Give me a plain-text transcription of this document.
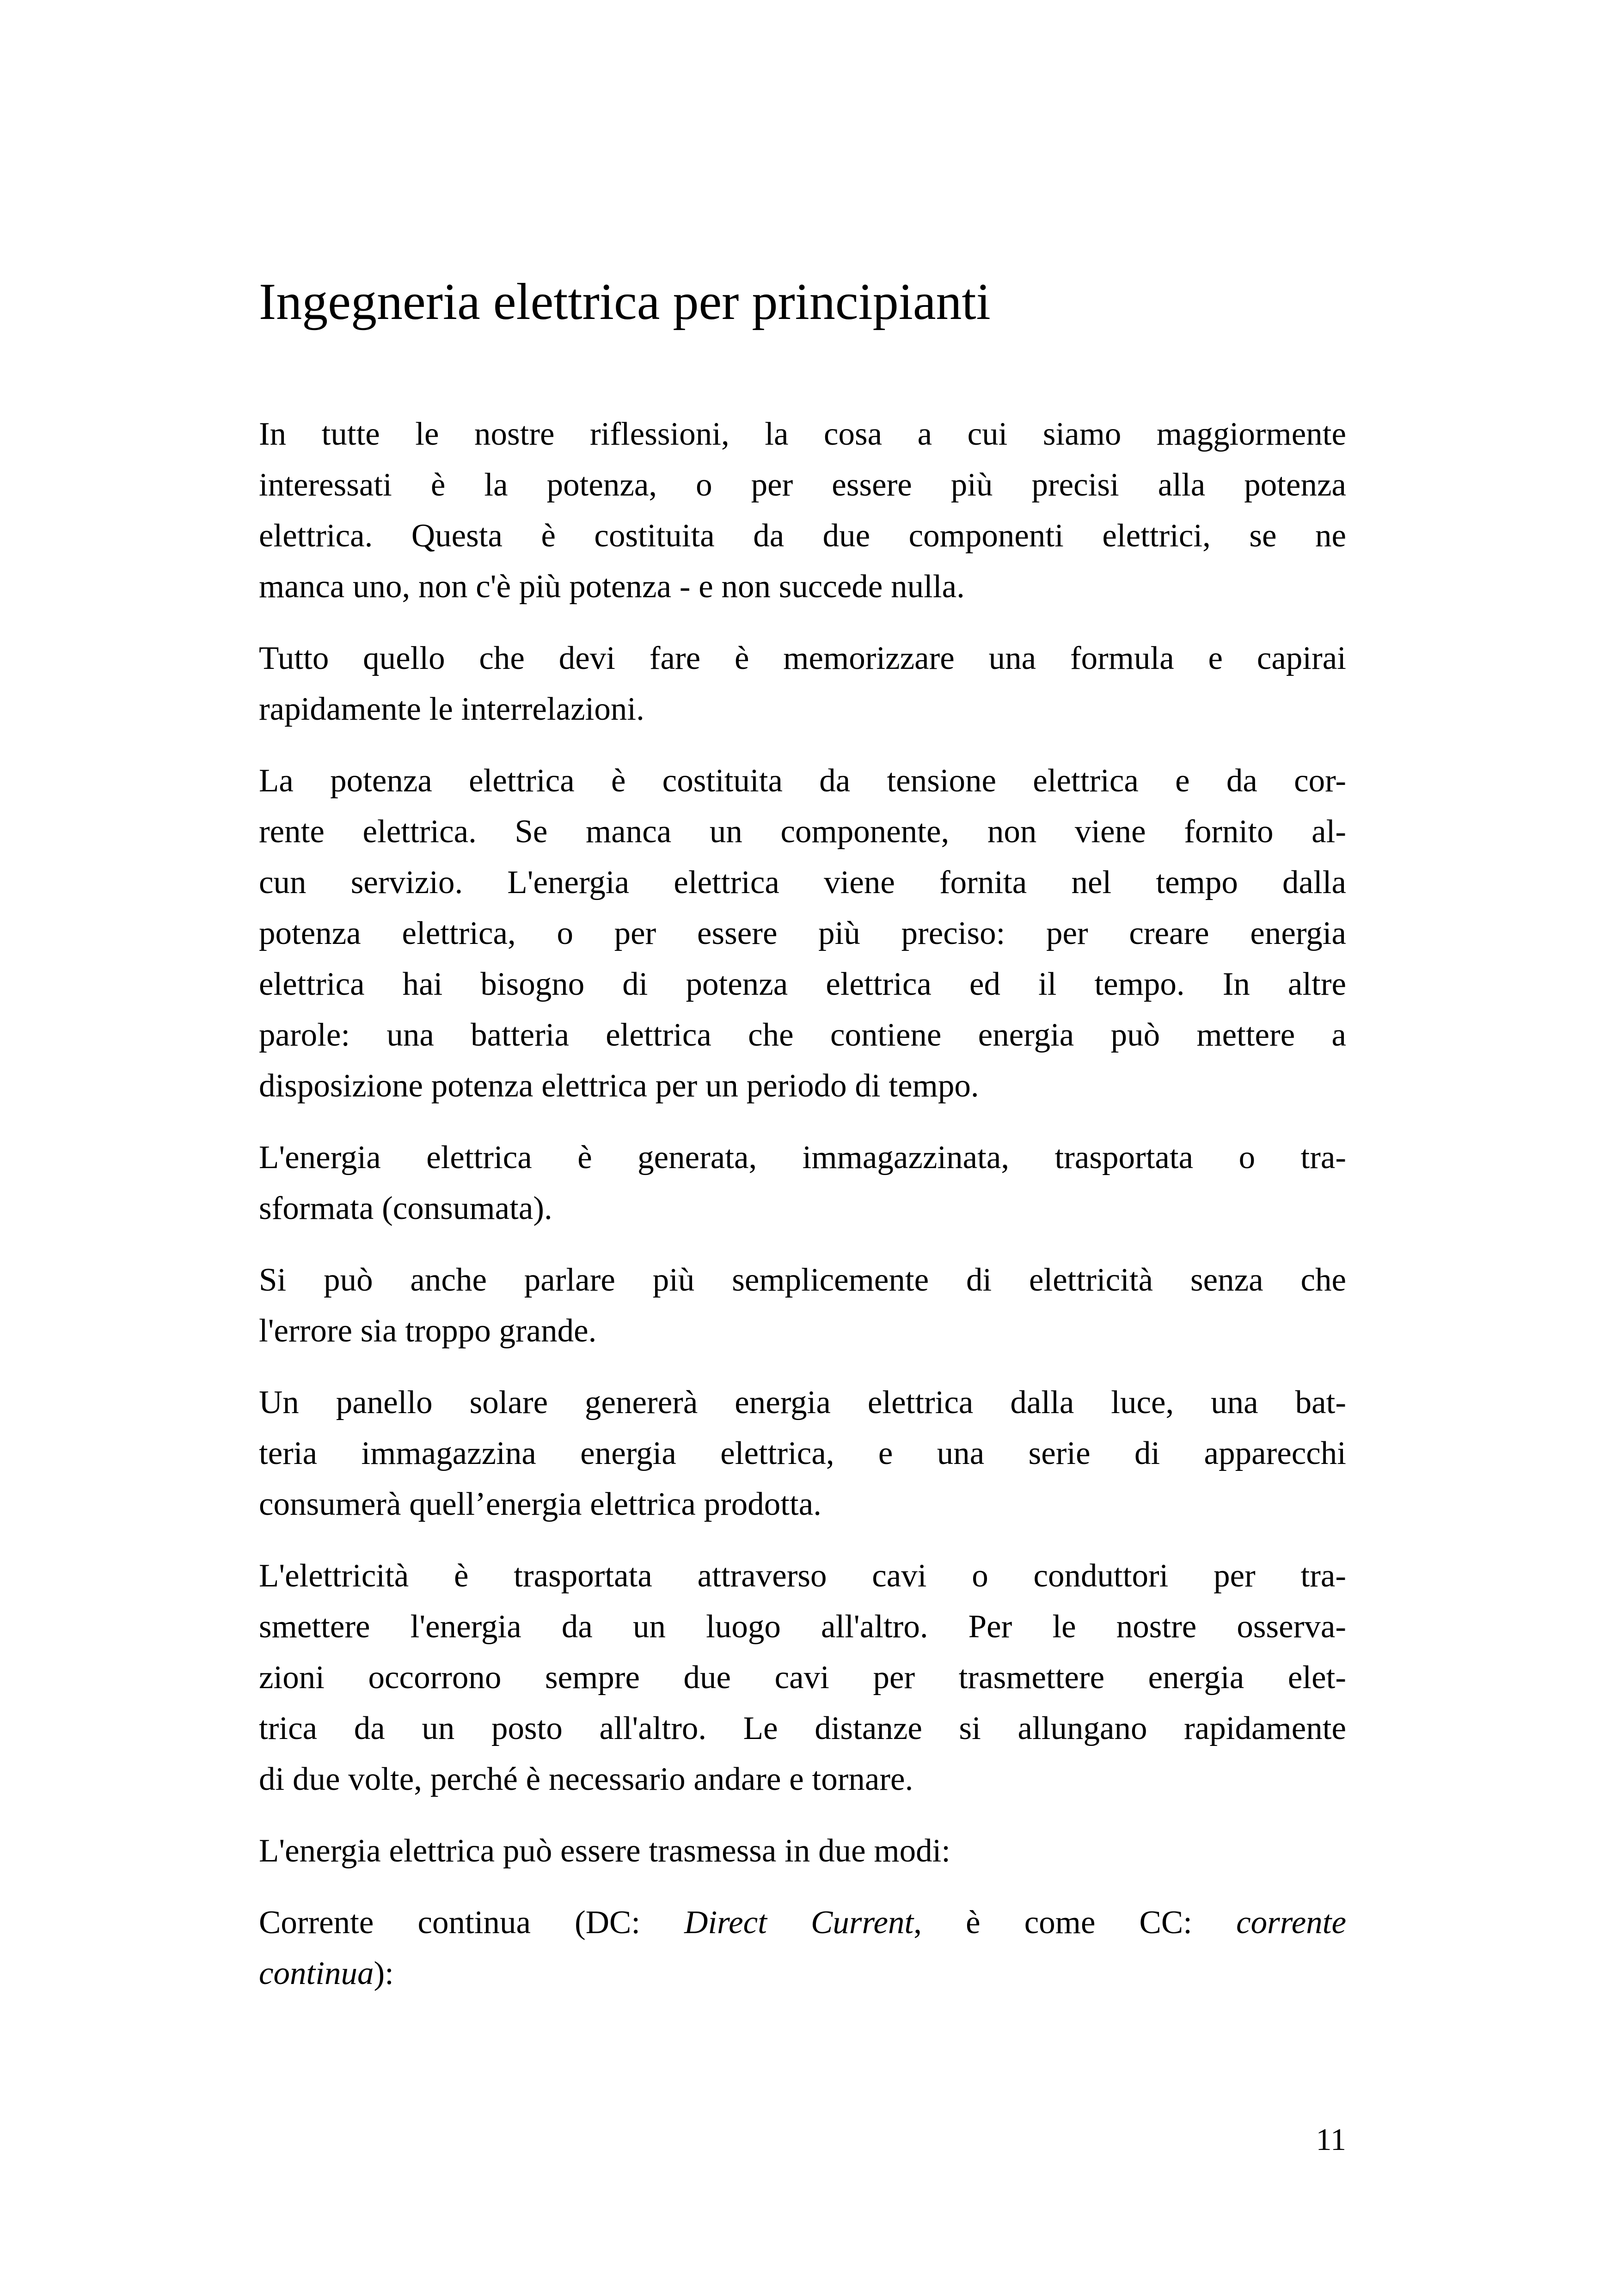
Ingegneria elettrica per principianti
In tutte le nostre riflessioni, la cosa a cui siamo maggiormente
interessati è la potenza, o per essere più precisi alla potenza
elettrica. Questa è costituita da due componenti elettrici, se ne
manca uno, non c'è più potenza - e non succede nulla.
Tutto quello che devi fare è memorizzare una formula e capirai
rapidamente le interrelazioni.
La potenza elettrica è costituita da tensione elettrica e da cor-
rente elettrica. Se manca un componente, non viene fornito al-
cun servizio. L'energia elettrica viene fornita nel tempo dalla
potenza elettrica, o per essere più preciso: per creare energia
elettrica hai bisogno di potenza elettrica ed il tempo. In altre
parole: una batteria elettrica che contiene energia può mettere a
disposizione potenza elettrica per un periodo di tempo.
L'energia elettrica è generata, immagazzinata, trasportata o tra-
sformata (consumata).
Si può anche parlare più semplicemente di elettricità senza che
l'errore sia troppo grande.
Un panello solare genererà energia elettrica dalla luce, una bat-
teria immagazzina energia elettrica, e una serie di apparecchi
consumerà quell’energia elettrica prodotta.
L'elettricità è trasportata attraverso cavi o conduttori per tra-
smettere l'energia da un luogo all'altro. Per le nostre osserva-
zioni occorrono sempre due cavi per trasmettere energia elet-
trica da un posto all'altro. Le distanze si allungano rapidamente
di due volte, perché è necessario andare e tornare.
L'energia elettrica può essere trasmessa in due modi:
Corrente continua (DC: Direct Current, è come CC: corrente
continua):
11
